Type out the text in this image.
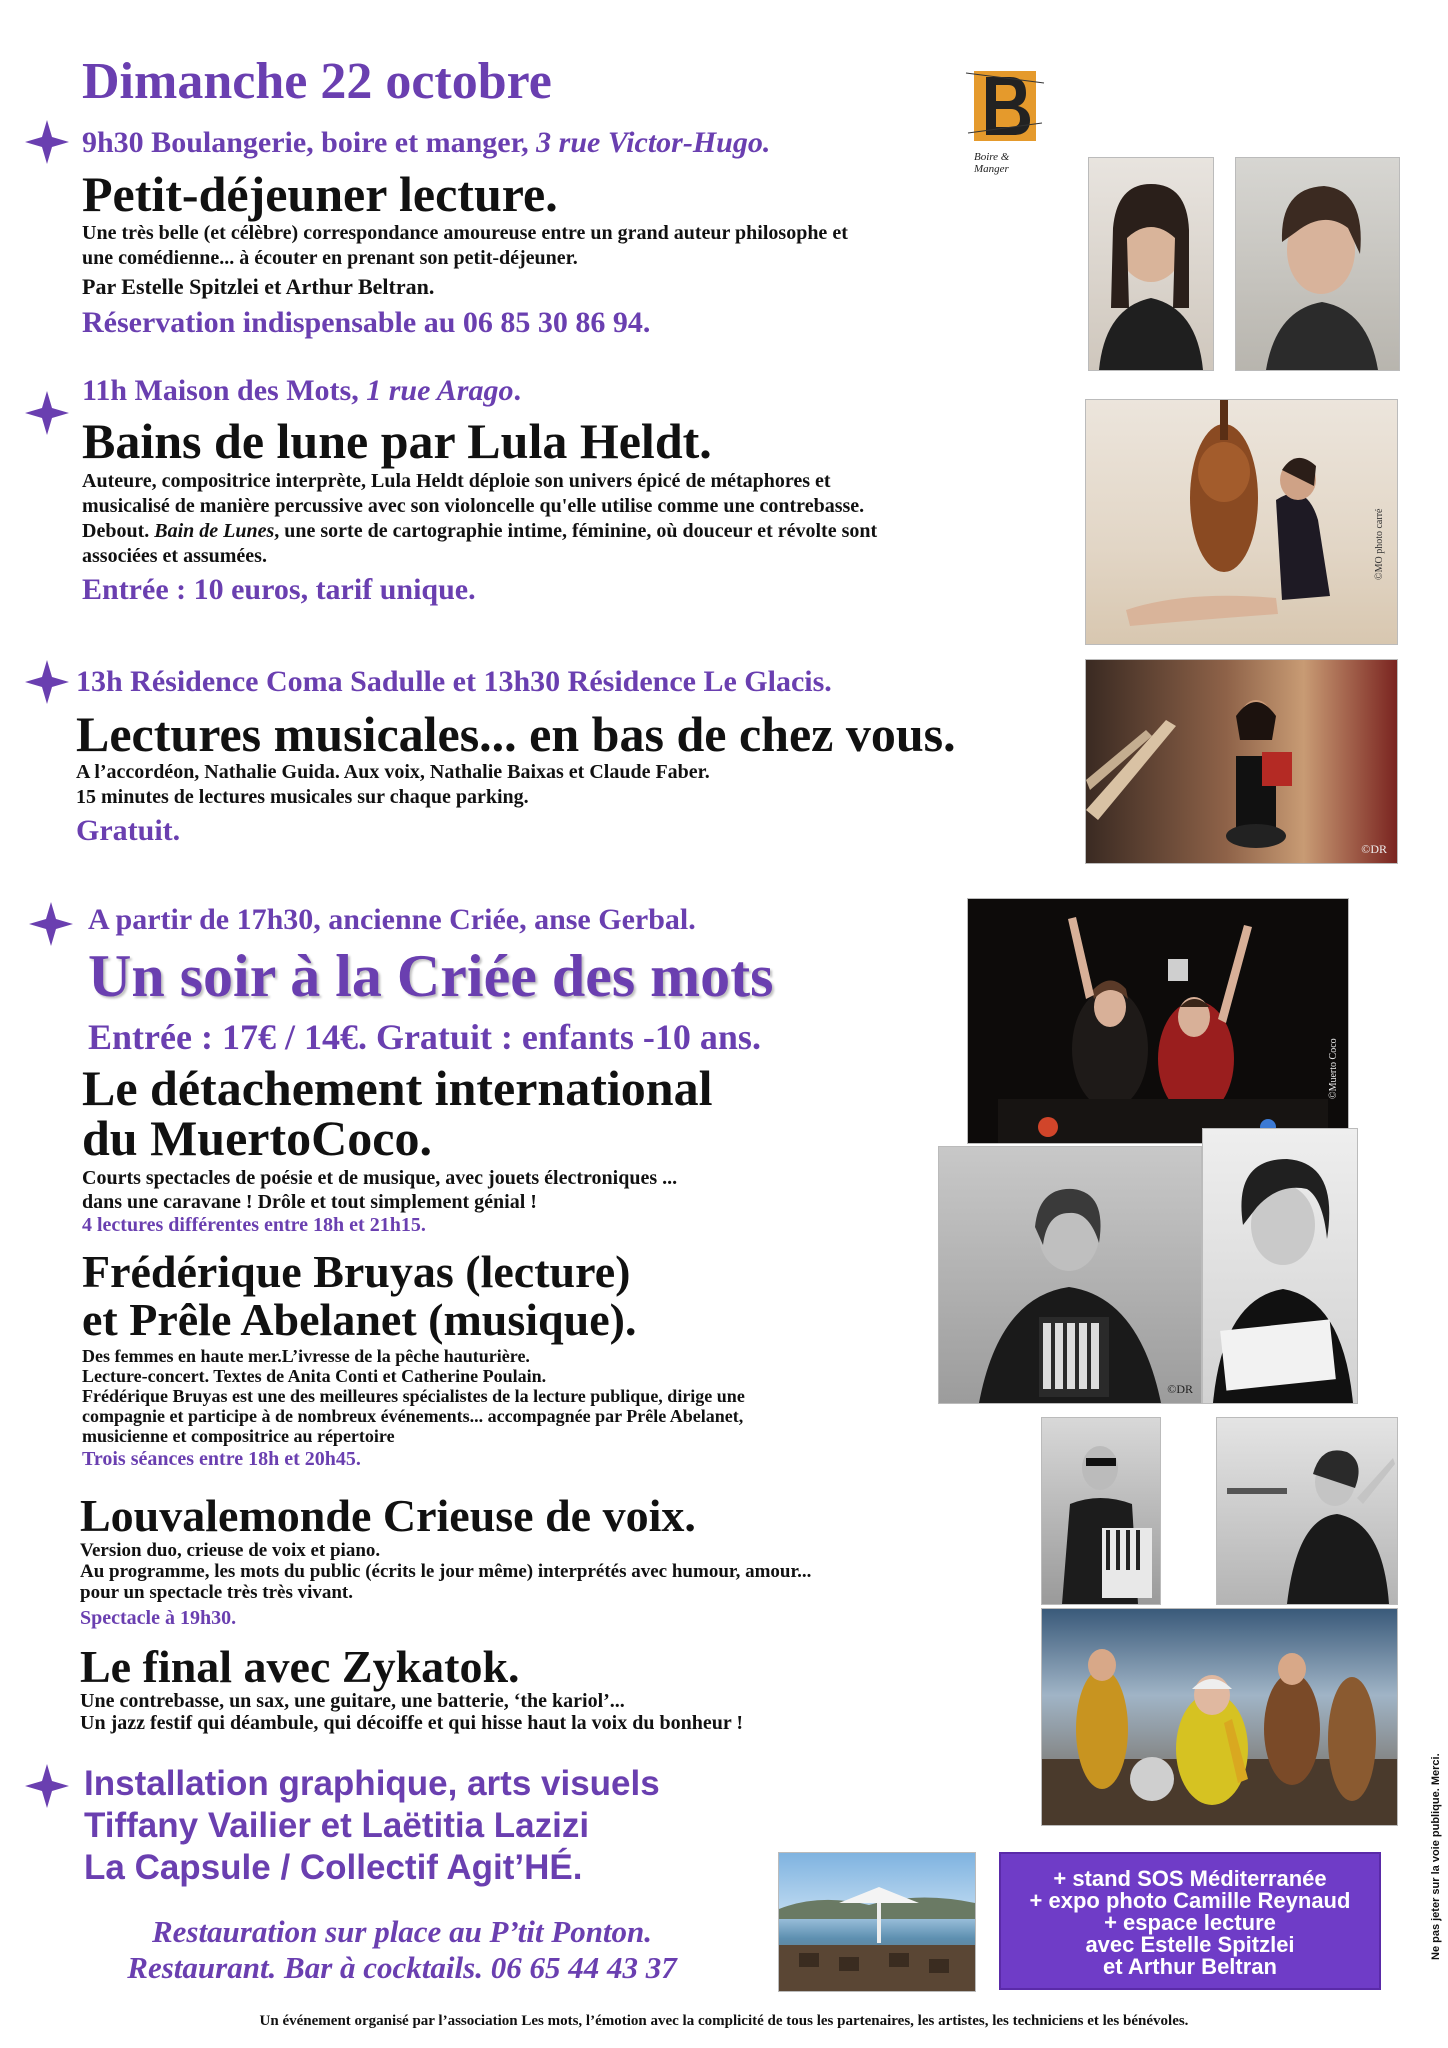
Dimanche 22 octobre
Boire & Manger
9h30 Boulangerie, boire et manger, 3 rue Victor-Hugo.
Petit-déjeuner lecture.
Une très belle (et célèbre) correspondance amoureuse entre un grand auteur philosophe et
une comédienne... à écouter en prenant son petit-déjeuner.
Par Estelle Spitzlei et Arthur Beltran.
Réservation indispensable au 06 85 30 86 94.
11h Maison des Mots, 1 rue Arago.
Bains de lune par Lula Heldt.
Auteure, compositrice interprète, Lula Heldt déploie son univers épicé de métaphores et
musicalisé de manière percussive avec son violoncelle qu'elle utilise comme une contrebasse.
Debout. Bain de Lunes, une sorte de cartographie intime, féminine, où douceur et révolte sont
associées et assumées.
Entrée : 10 euros, tarif unique.
©MO photo carré
13h Résidence Coma Sadulle et 13h30 Résidence Le Glacis.
Lectures musicales... en bas de chez vous.
A l’accordéon, Nathalie Guida. Aux voix, Nathalie Baixas et Claude Faber.
15 minutes de lectures musicales sur chaque parking.
Gratuit.
©DR
A partir de 17h30, ancienne Criée, anse Gerbal.
Un soir à la Criée des mots
Entrée : 17€ / 14€. Gratuit : enfants -10 ans.
Le détachement international
du MuertoCoco.
Courts spectacles de poésie et de musique, avec jouets électroniques ...
dans une caravane ! Drôle et tout simplement génial !
4 lectures différentes entre 18h et 21h15.
©Muerto Coco
Frédérique Bruyas (lecture)
et Prêle Abelanet (musique).
Des femmes en haute mer.L’ivresse de la pêche hauturière.
Lecture-concert. Textes de Anita Conti et Catherine Poulain.
Frédérique Bruyas est une des meilleures spécialistes de la lecture publique, dirige une
compagnie et participe à de nombreux événements... accompagnée par Prêle Abelanet,
musicienne et compositrice au répertoire
Trois séances entre 18h et 20h45.
©DR
Louvalemonde Crieuse de voix.
Version duo, crieuse de voix et piano.
Au programme, les mots du public (écrits le jour même) interprétés avec humour, amour...
pour un spectacle très très vivant.
Spectacle à 19h30.
Le final avec Zykatok.
Une contrebasse, un sax, une guitare, une batterie, ‘the kariol’...
Un jazz festif qui déambule, qui décoiffe et qui hisse haut la voix du bonheur !
Installation graphique, arts visuels
Tiffany Vailier et Laëtitia Lazizi
La Capsule / Collectif Agit’HÉ.
Restauration sur place au P’tit Ponton.
Restaurant. Bar à cocktails. 06 65 44 43 37
+ stand SOS Méditerranée
+ expo photo Camille Reynaud
+ espace lecture
avec Estelle Spitzlei
et Arthur Beltran
Ne pas jeter sur la voie publique. Merci.
Un événement organisé par l’association Les mots, l’émotion avec la complicité de tous les partenaires, les artistes, les techniciens et les bénévoles.
